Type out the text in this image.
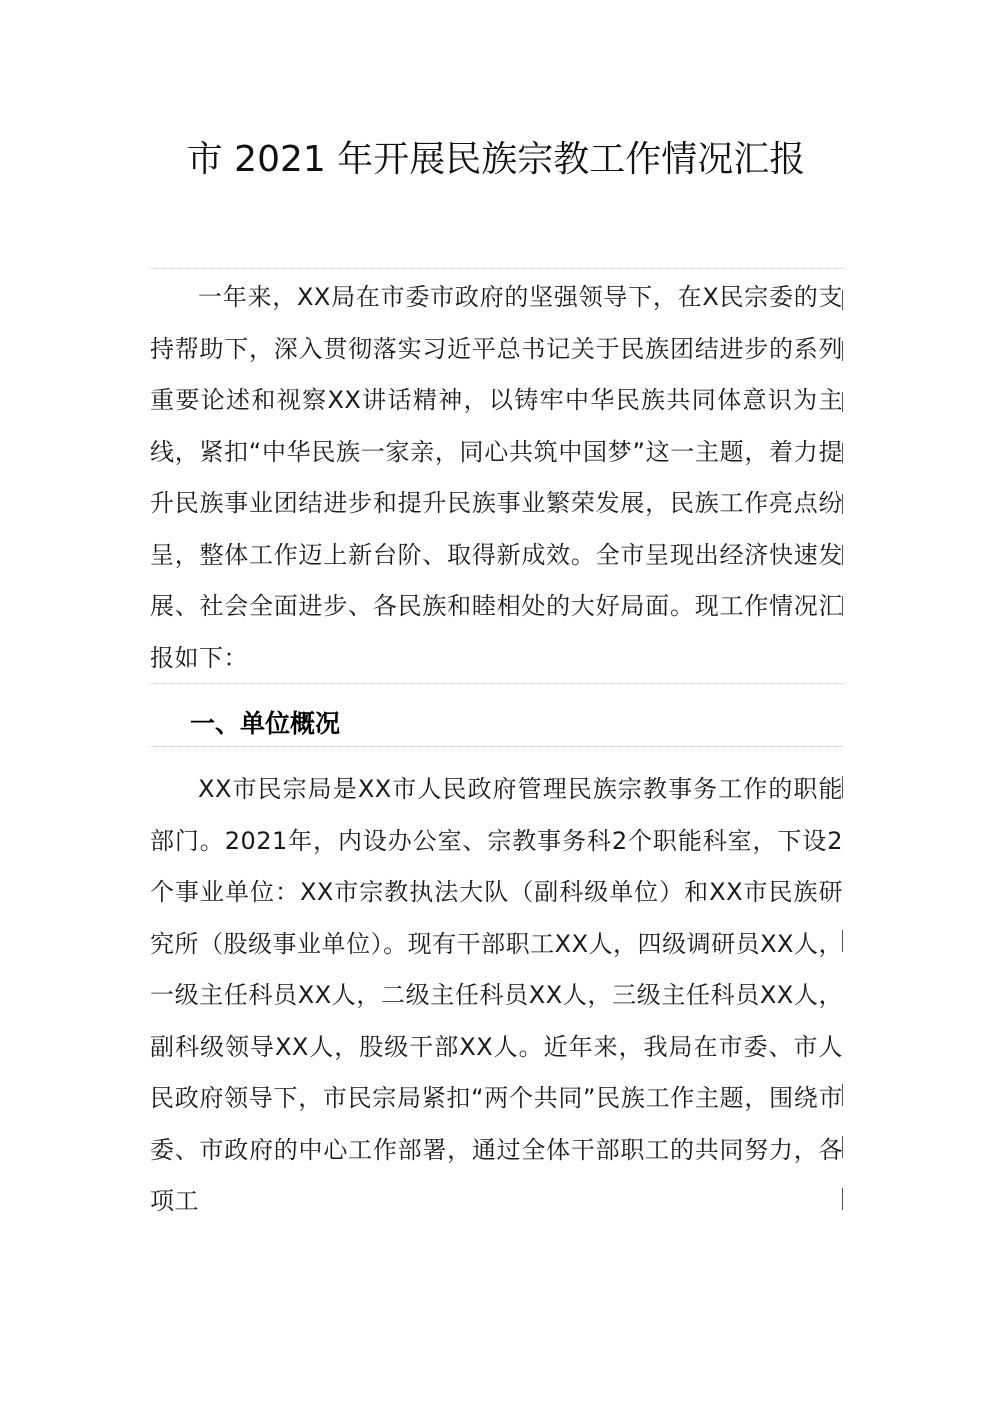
市 2021 年开展民族宗教工作情况汇报
一年来，XX局在市委市政府的坚强领导下，在X民宗委的支持帮助下，深入贯彻落实习近平总书记关于民族团结进步的系列重要论述和视察XX讲话精神，以铸牢中华民族共同体意识为主线，紧扣“中华民族一家亲，同心共筑中国梦”这一主题，着力提升民族事业团结进步和提升民族事业繁荣发展，民族工作亮点纷呈，整体工作迈上新台阶、取得新成效。全市呈现出经济快速发展、社会全面进步、各民族和睦相处的大好局面。现工作情况汇报如下：
一、单位概况
XX市民宗局是XX市人民政府管理民族宗教事务工作的职能部门。2021年，内设办公室、宗教事务科2个职能科室，下设2个事业单位：XX市宗教执法大队（副科级单位）和XX市民族研究所（股级事业单位）。现有干部职工XX人，四级调研员XX人，一级主任科员XX人，二级主任科员XX人，三级主任科员XX人，副科级领导XX人，股级干部XX人。近年来，我局在市委、市人民政府领导下，市民宗局紧扣“两个共同”民族工作主题，围绕市委、市政府的中心工作部署，通过全体干部职工的共同努力，各项工
